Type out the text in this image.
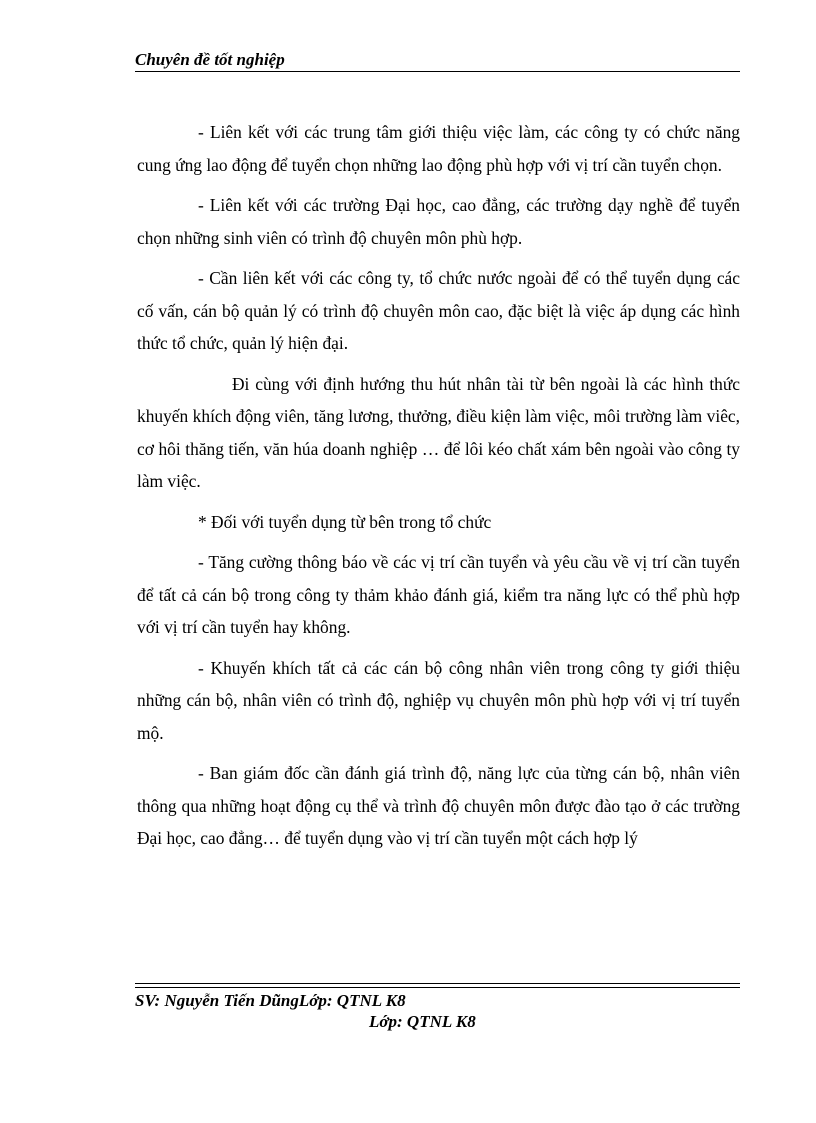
Chuyên đề tốt nghiệp

- Liên kết với các trung tâm giới thiệu việc làm, các công ty có chức năng cung ứng lao động để tuyển chọn những lao động phù hợp với vị trí cần tuyển chọn.

- Liên kết với các trường Đại học, cao đẳng, các trường dạy nghề để tuyển chọn những sinh viên có trình độ chuyên môn phù hợp.

- Cần liên kết với các công ty, tổ chức nước ngoài để có thể tuyển dụng các cố vấn, cán bộ quản lý có trình độ chuyên môn cao, đặc biệt là việc áp dụng các hình thức tổ chức, quản lý hiện đại.

Đi cùng với định hướng thu hút nhân tài từ bên ngoài là các hình thức khuyến khích động viên, tăng lương, thưởng, điều kiện làm việc, môi trường làm viêc, cơ hôi thăng tiến, văn húa doanh nghiệp … để lôi kéo chất xám bên ngoài vào công ty làm việc.

* Đối với tuyển dụng từ bên trong tổ chức

- Tăng cường thông báo về các vị trí cần tuyển và yêu cầu về vị trí cần tuyển để tất cả cán bộ trong công ty thảm khảo đánh giá, kiểm tra năng lực có thể phù hợp với vị trí cần tuyển hay không.

- Khuyến khích tất cả các cán bộ công nhân viên trong công ty giới thiệu những cán bộ, nhân viên có trình độ, nghiệp vụ chuyên môn phù hợp với vị trí tuyển mộ.

- Ban giám đốc cần đánh giá trình độ, năng lực của từng cán bộ, nhân viên thông qua những hoạt động cụ thể và trình độ chuyên môn được đào tạo ở các trường Đại học, cao đẳng… để tuyển dụng vào vị trí cần tuyển một cách hợp lý

SV: Nguyễn Tiến DũngLớp: QTNL K8
Lớp: QTNL K8
